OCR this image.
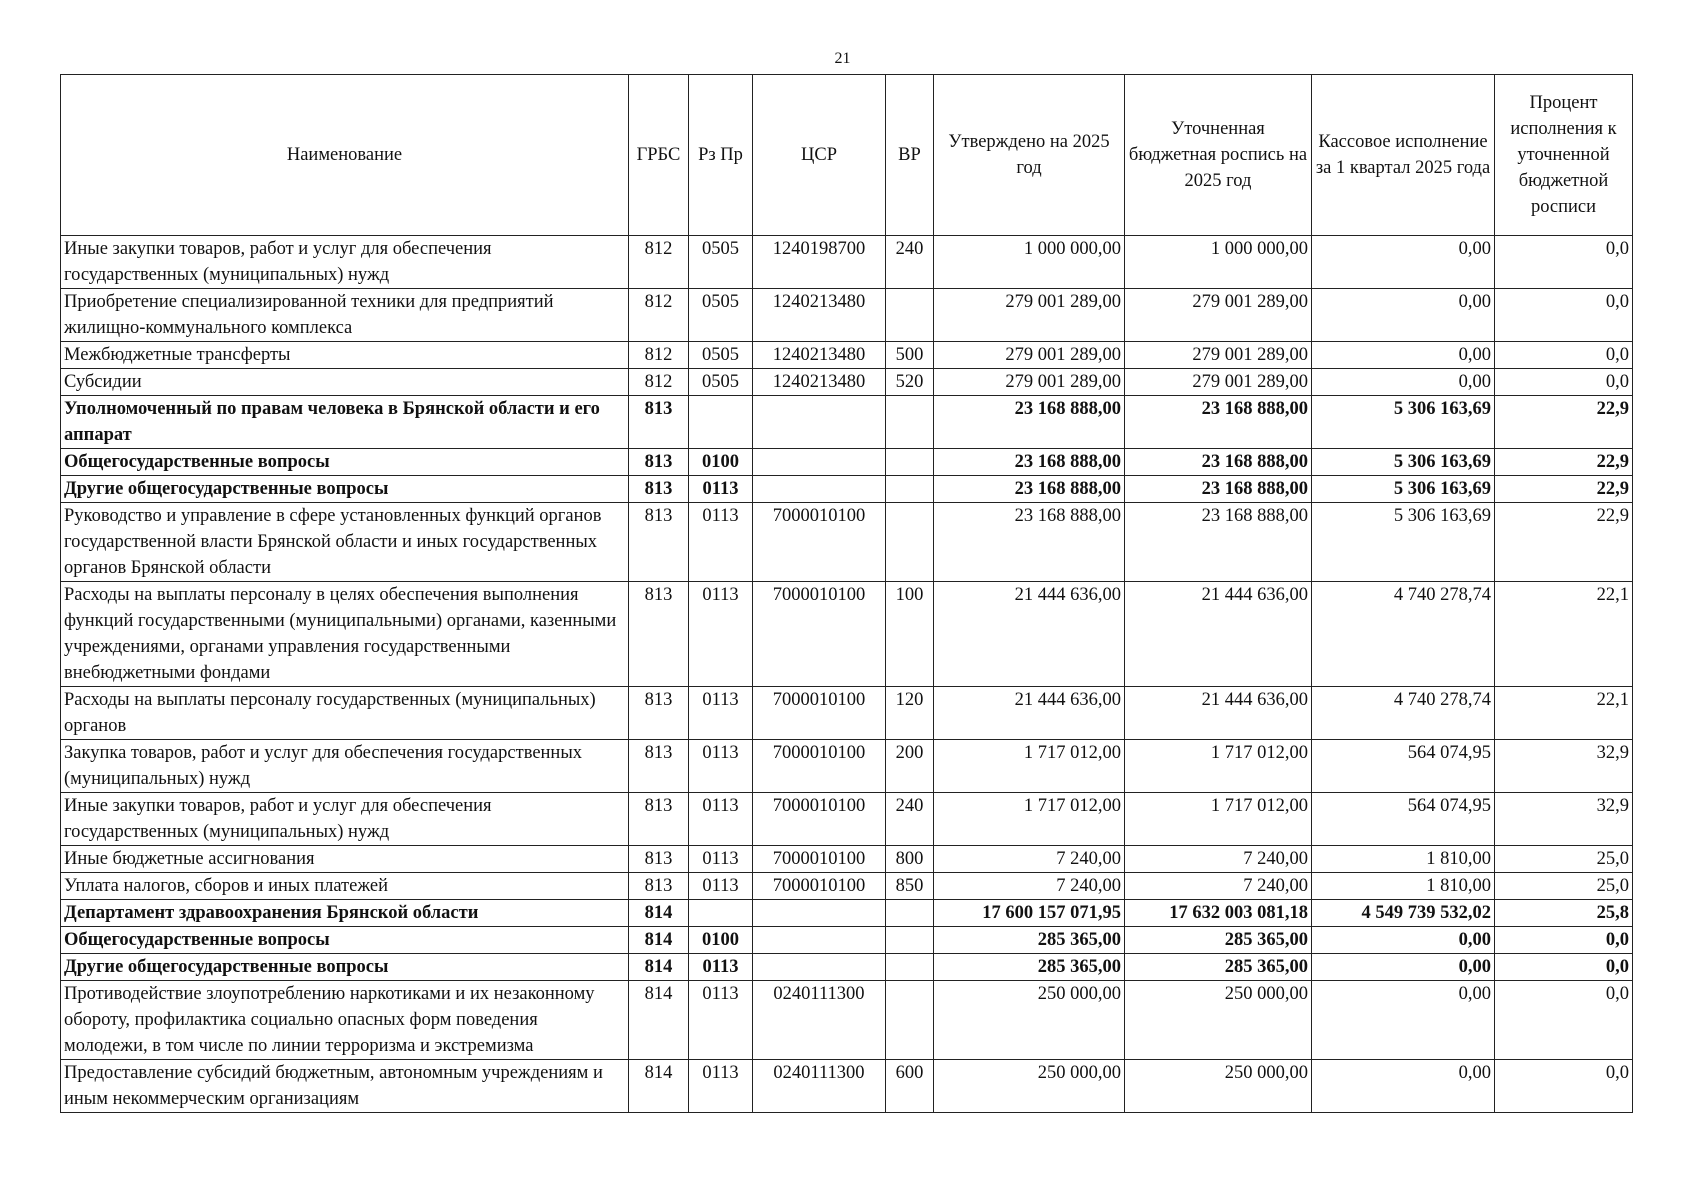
21
Наименование	ГРБС	Рз Пр	ЦСР	ВР	Утверждено на 2025 год	Уточненная бюджетная роспись на 2025 год	Кассовое исполнение за 1 квартал 2025 года	Процент исполнения к уточненной бюджетной росписи
Иные закупки товаров, работ и услуг для обеспечения государственных (муниципальных) нужд	812	0505	1240198700	240	1 000 000,00	1 000 000,00	0,00	0,0
Приобретение специализированной техники для предприятий жилищно-коммунального комплекса	812	0505	1240213480		279 001 289,00	279 001 289,00	0,00	0,0
Межбюджетные трансферты	812	0505	1240213480	500	279 001 289,00	279 001 289,00	0,00	0,0
Субсидии	812	0505	1240213480	520	279 001 289,00	279 001 289,00	0,00	0,0
Уполномоченный по правам человека в Брянской области и его аппарат	813				23 168 888,00	23 168 888,00	5 306 163,69	22,9
Общегосударственные вопросы	813	0100			23 168 888,00	23 168 888,00	5 306 163,69	22,9
Другие общегосударственные вопросы	813	0113			23 168 888,00	23 168 888,00	5 306 163,69	22,9
Руководство и управление в сфере установленных функций органов государственной власти Брянской области и иных государственных органов Брянской области	813	0113	7000010100		23 168 888,00	23 168 888,00	5 306 163,69	22,9
Расходы на выплаты персоналу в целях обеспечения выполнения функций государственными (муниципальными) органами, казенными учреждениями, органами управления государственными внебюджетными фондами	813	0113	7000010100	100	21 444 636,00	21 444 636,00	4 740 278,74	22,1
Расходы на выплаты персоналу государственных (муниципальных) органов	813	0113	7000010100	120	21 444 636,00	21 444 636,00	4 740 278,74	22,1
Закупка товаров, работ и услуг для обеспечения государственных (муниципальных) нужд	813	0113	7000010100	200	1 717 012,00	1 717 012,00	564 074,95	32,9
Иные закупки товаров, работ и услуг для обеспечения государственных (муниципальных) нужд	813	0113	7000010100	240	1 717 012,00	1 717 012,00	564 074,95	32,9
Иные бюджетные ассигнования	813	0113	7000010100	800	7 240,00	7 240,00	1 810,00	25,0
Уплата налогов, сборов и иных платежей	813	0113	7000010100	850	7 240,00	7 240,00	1 810,00	25,0
Департамент здравоохранения Брянской области	814				17 600 157 071,95	17 632 003 081,18	4 549 739 532,02	25,8
Общегосударственные вопросы	814	0100			285 365,00	285 365,00	0,00	0,0
Другие общегосударственные вопросы	814	0113			285 365,00	285 365,00	0,00	0,0
Противодействие злоупотреблению наркотиками и их незаконному обороту, профилактика социально опасных форм поведения молодежи, в том числе по линии терроризма и экстремизма	814	0113	0240111300		250 000,00	250 000,00	0,00	0,0
Предоставление субсидий бюджетным, автономным учреждениям и иным некоммерческим организациям	814	0113	0240111300	600	250 000,00	250 000,00	0,00	0,0
